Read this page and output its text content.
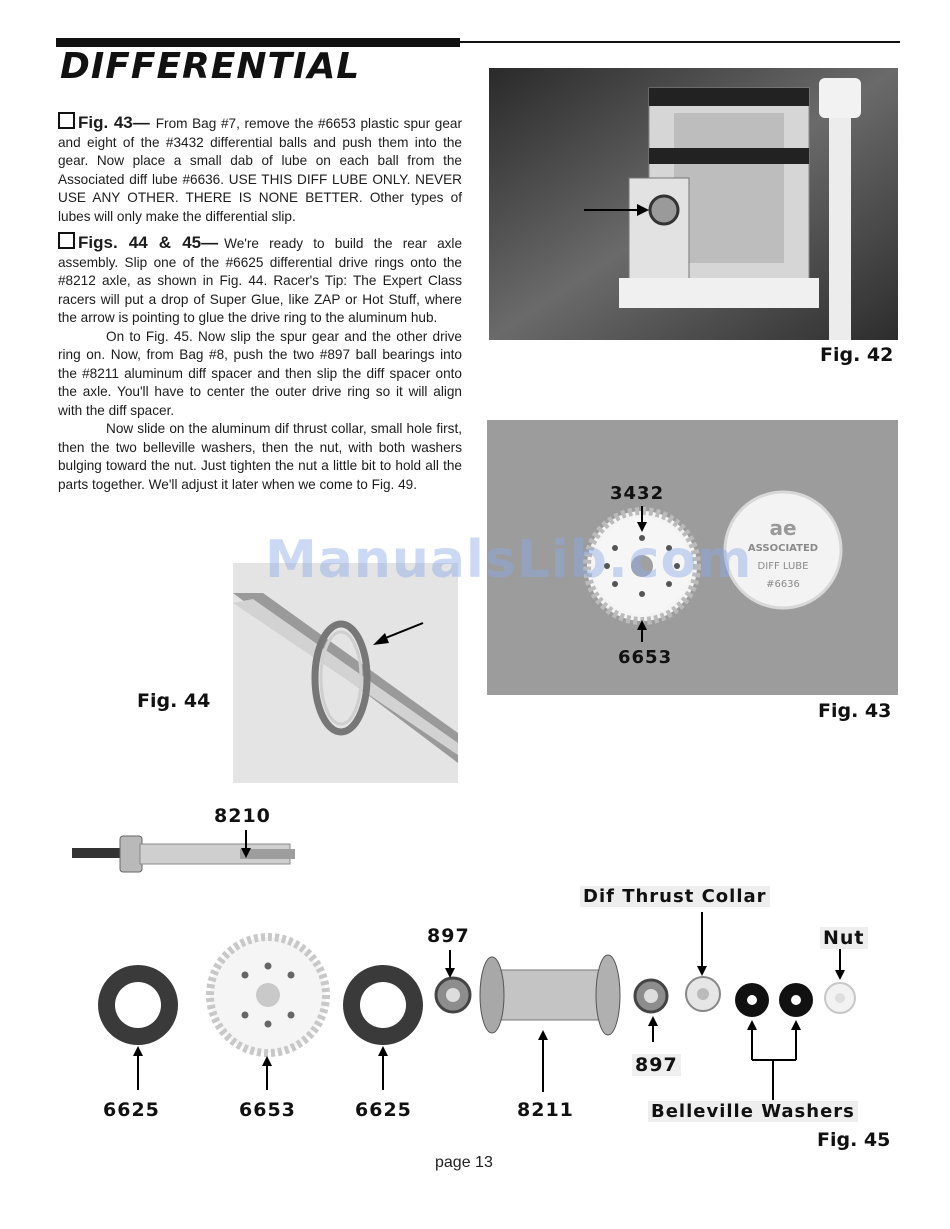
DIFFERENTIAL

Fig. 43— From Bag #7, remove the #6653 plastic spur gear and eight of the #3432 differential balls and push them into the gear. Now place a small dab of lube on each ball from the Associated diff lube #6636. USE THIS DIFF LUBE ONLY. NEVER USE ANY OTHER. THERE IS NONE BETTER. Other types of lubes will only make the differential slip.

Figs. 44 & 45— We're ready to build the rear axle assembly. Slip one of the #6625 differential drive rings onto the #8212 axle, as shown in Fig. 44. Racer's Tip: The Expert Class racers will put a drop of Super Glue, like ZAP or Hot Stuff, where the arrow is pointing to glue the drive ring to the aluminum hub.

On to Fig. 45. Now slip the spur gear and the other drive ring on. Now, from Bag #8, push the two #897 ball bearings into the #8211 aluminum diff spacer and then slip the diff spacer onto the axle. You'll have to center the outer drive ring so it will align with the diff spacer.

Now slide on the aluminum dif thrust collar, small hole first, then the two belleville washers, then the nut, with both washers bulging toward the nut. Just tighten the nut a little bit to hold all the parts together. We'll adjust it later when we come to Fig. 49.

Fig. 42
ae
3432
6653
ASSOCIATED
DIFF LUBE
#6636
Fig. 43
Fig. 44
8210
897
Dif Thrust Collar
Nut
897
6625	6653	6625	8211	Belleville Washers
Fig. 45
ManualsLib.com
page 13
